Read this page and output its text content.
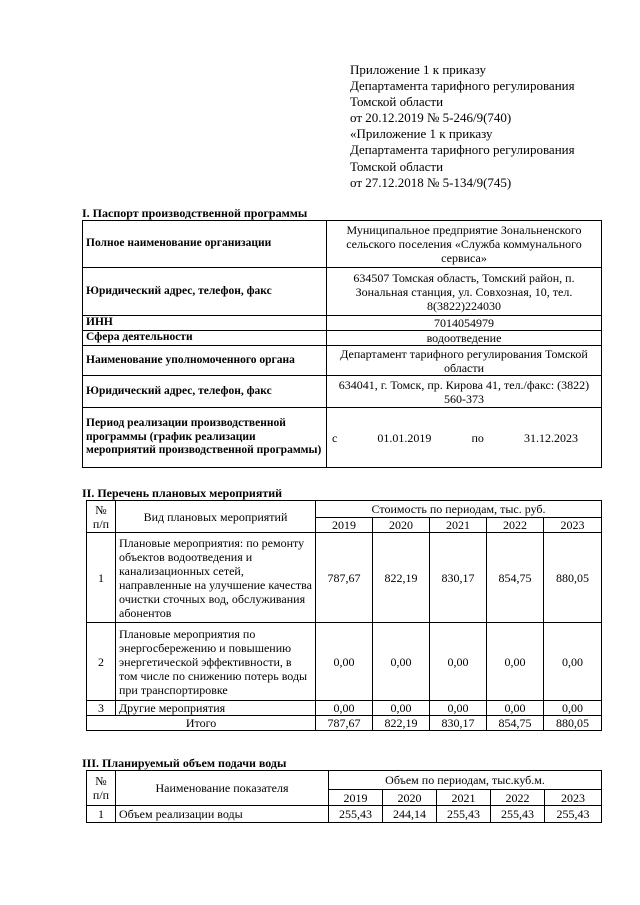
Приложение 1 к приказу
Департамента тарифного регулирования
Томской области
от 20.12.2019 № 5-246/9(740)
«Приложение 1 к приказу
Департамента тарифного регулирования
Томской области
от 27.12.2018 № 5-134/9(745)
I. Паспорт производственной программы
Полное наименование организации	Муниципальное предприятие Зональненского сельского поселения «Служба коммунального сервиса»
Юридический адрес, телефон, факс	634507 Томская область, Томский район, п. Зональная станция, ул. Совхозная, 10, тел. 8(3822)224030
ИНН	7014054979
Сфера деятельности	водоотведение
Наименование уполномоченного органа	Департамент тарифного регулирования Томской области
Юридический адрес, телефон, факс	634041, г. Томск, пр. Кирова 41, тел./факс: (3822) 560-373
Период реализации производственной программы (график реализации мероприятий производственной программы)	с 01.01.2019 по 31.12.2023
II. Перечень плановых мероприятий
№ п/п	Вид плановых мероприятий	Стоимость по периодам, тыс. руб.				
		2019	2020	2021	2022	2023
1	Плановые мероприятия: по ремонту объектов водоотведения и канализационных сетей, направленные на улучшение качества очистки сточных вод, обслуживания абонентов	787,67	822,19	830,17	854,75	880,05
2	Плановые мероприятия по энергосбережению и повышению энергетической эффективности, в том числе по снижению потерь воды при транспортировке	0,00	0,00	0,00	0,00	0,00
3	Другие мероприятия	0,00	0,00	0,00	0,00	0,00
Итого		787,67	822,19	830,17	854,75	880,05
III. Планируемый объем подачи воды
№ п/п	Наименование показателя	Объем по периодам, тыс.куб.м.				
		2019	2020	2021	2022	2023
1	Объем реализации воды	255,43	244,14	255,43	255,43	255,43
